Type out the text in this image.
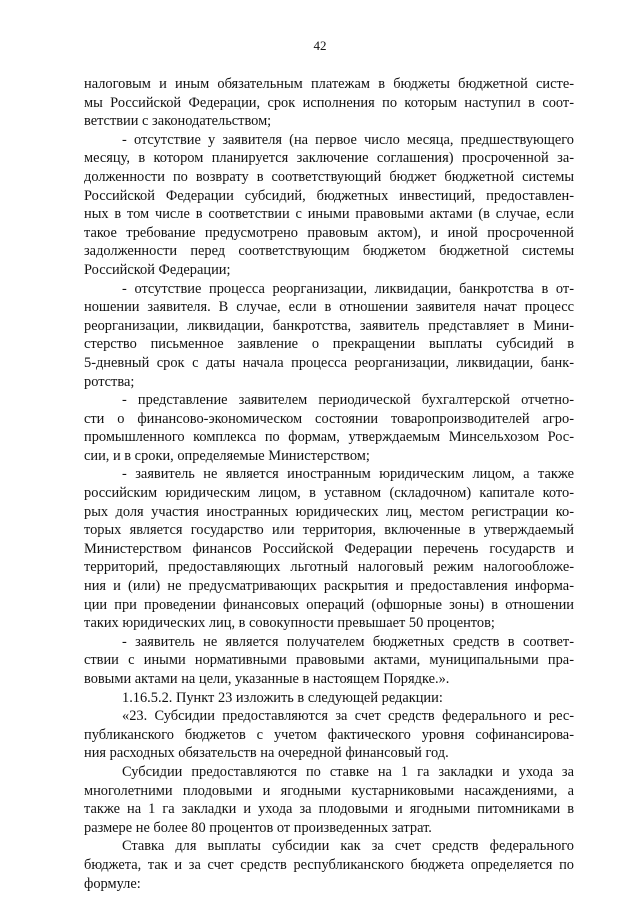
42
налоговым и иным обязательным платежам в бюджеты бюджетной систе-
мы Российской Федерации, срок исполнения по которым наступил в соот-
ветствии с законодательством;
- отсутствие у заявителя (на первое число месяца, предшествующего
месяцу, в котором планируется заключение соглашения) просроченной за-
долженности по возврату в соответствующий бюджет бюджетной системы
Российской Федерации субсидий, бюджетных инвестиций, предоставлен-
ных в том числе в соответствии с иными правовыми актами (в случае, если
такое требование предусмотрено правовым актом), и иной просроченной
задолженности перед соответствующим бюджетом бюджетной системы
Российской Федерации;
- отсутствие процесса реорганизации, ликвидации, банкротства в от-
ношении заявителя. В случае, если в отношении заявителя начат процесс
реорганизации, ликвидации, банкротства, заявитель представляет в Мини-
стерство письменное заявление о прекращении выплаты субсидий в
5-дневный срок с даты начала процесса реорганизации, ликвидации, банк-
ротства;
- представление заявителем периодической бухгалтерской отчетно-
сти о финансово-экономическом состоянии товаропроизводителей агро-
промышленного комплекса по формам, утверждаемым Минсельхозом Рос-
сии, и в сроки, определяемые Министерством;
- заявитель не является иностранным юридическим лицом, а также
российским юридическим лицом, в уставном (складочном) капитале кото-
рых доля участия иностранных юридических лиц, местом регистрации ко-
торых является государство или территория, включенные в утверждаемый
Министерством финансов Российской Федерации перечень государств и
территорий, предоставляющих льготный налоговый режим налогообложе-
ния и (или) не предусматривающих раскрытия и предоставления информа-
ции при проведении финансовых операций (офшорные зоны) в отношении
таких юридических лиц, в совокупности превышает 50 процентов;
- заявитель не является получателем бюджетных средств в соответ-
ствии с иными нормативными правовыми актами, муниципальными пра-
вовыми актами на цели, указанные в настоящем Порядке.».
1.16.5.2. Пункт 23 изложить в следующей редакции:
«23. Субсидии предоставляются за счет средств федерального и рес-
публиканского бюджетов с учетом фактического уровня софинансирова-
ния расходных обязательств на очередной финансовый год.
Субсидии предоставляются по ставке на 1 га закладки и ухода за
многолетними плодовыми и ягодными кустарниковыми насаждениями, а
также на 1 га закладки и ухода за плодовыми и ягодными питомниками в
размере не более 80 процентов от произведенных затрат.
Ставка для выплаты субсидии как за счет средств федерального
бюджета, так и за счет средств республиканского бюджета определяется по
формуле:
